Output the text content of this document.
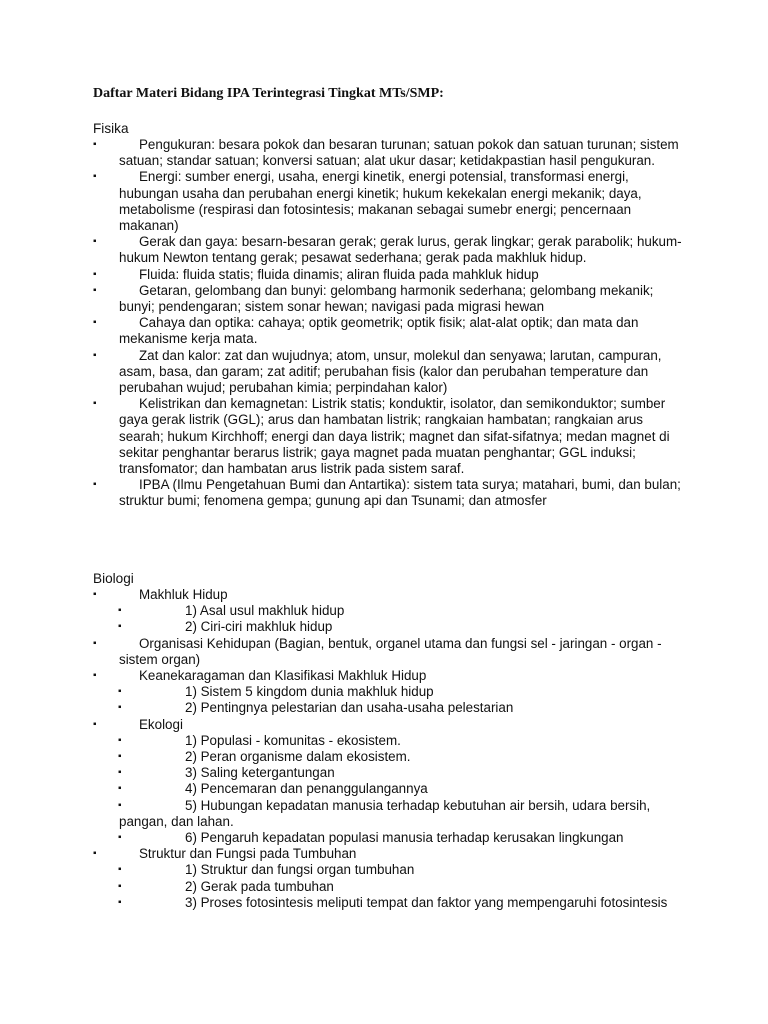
Daftar Materi Bidang IPA Terintegrasi Tingkat MTs/SMP:
Fisika
▪	Pengukuran: besara pokok dan besaran turunan; satuan pokok dan satuan turunan; sistem satuan; standar satuan; konversi satuan; alat ukur dasar; ketidakpastian hasil pengukuran.
▪	Energi: sumber energi, usaha, energi kinetik, energi potensial, transformasi energi, hubungan usaha dan perubahan energi kinetik; hukum kekekalan energi mekanik; daya, metabolisme (respirasi dan fotosintesis; makanan sebagai sumebr energi; pencernaan makanan)
▪	Gerak dan gaya: besarn-besaran gerak; gerak lurus, gerak lingkar; gerak parabolik; hukum-hukum Newton tentang gerak; pesawat sederhana; gerak pada makhluk hidup.
▪	Fluida: fluida statis; fluida dinamis; aliran fluida pada mahkluk hidup
▪	Getaran, gelombang dan bunyi: gelombang harmonik sederhana; gelombang mekanik; bunyi; pendengaran; sistem sonar hewan; navigasi pada migrasi hewan
▪	Cahaya dan optika: cahaya; optik geometrik; optik fisik; alat-alat optik; dan mata dan mekanisme kerja mata.
▪	Zat dan kalor: zat dan wujudnya; atom, unsur, molekul dan senyawa; larutan, campuran, asam, basa, dan garam; zat aditif; perubahan fisis (kalor dan perubahan temperature dan perubahan wujud; perubahan kimia; perpindahan kalor)
▪	Kelistrikan dan kemagnetan: Listrik statis; konduktir, isolator, dan semikonduktor; sumber gaya gerak listrik (GGL); arus dan hambatan listrik; rangkaian hambatan; rangkaian arus searah; hukum Kirchhoff; energi dan daya listrik; magnet dan sifat-sifatnya; medan magnet di sekitar penghantar berarus listrik; gaya magnet pada muatan penghantar; GGL induksi; transfomator; dan hambatan arus listrik pada sistem saraf.
▪	IPBA (Ilmu Pengetahuan Bumi dan Antartika): sistem tata surya; matahari, bumi, dan bulan; struktur bumi; fenomena gempa; gunung api dan Tsunami; dan atmosfer
Biologi
▪	Makhluk Hidup
▪	1) Asal usul makhluk hidup
▪	2) Ciri-ciri makhluk hidup
▪	Organisasi Kehidupan (Bagian, bentuk, organel utama dan fungsi sel - jaringan - organ - sistem organ)
▪	Keanekaragaman dan Klasifikasi Makhluk Hidup
▪	1) Sistem 5 kingdom dunia makhluk hidup
▪	2) Pentingnya pelestarian dan usaha-usaha pelestarian
▪	Ekologi
▪	1) Populasi - komunitas - ekosistem.
▪	2) Peran organisme dalam ekosistem.
▪	3) Saling ketergantungan
▪	4) Pencemaran dan penanggulangannya
▪	5) Hubungan kepadatan manusia terhadap kebutuhan air bersih, udara bersih, pangan, dan lahan.
▪	6) Pengaruh kepadatan populasi manusia terhadap kerusakan lingkungan
▪	Struktur dan Fungsi pada Tumbuhan
▪	1) Struktur dan fungsi organ tumbuhan
▪	2) Gerak pada tumbuhan
▪	3) Proses fotosintesis meliputi tempat dan faktor yang mempengaruhi fotosintesis
